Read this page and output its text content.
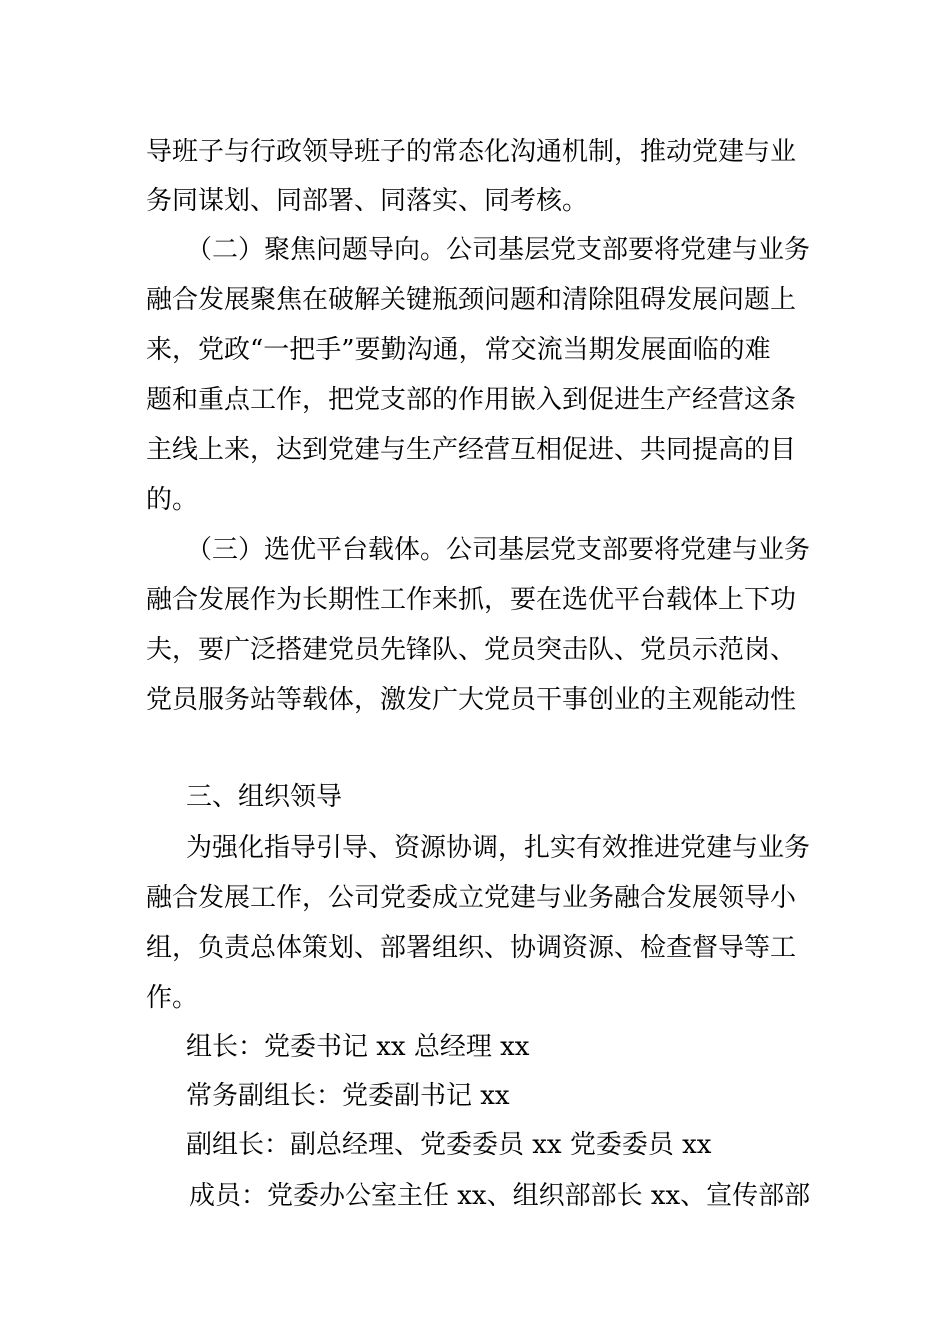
导班子与行政领导班子的常态化沟通机制，推动党建与业
务同谋划、同部署、同落实、同考核。
（二）聚焦问题导向。公司基层党支部要将党建与业务
融合发展聚焦在破解关键瓶颈问题和清除阻碍发展问题上
来，党政“一把手”要勤沟通，常交流当期发展面临的难
题和重点工作，把党支部的作用嵌入到促进生产经营这条
主线上来，达到党建与生产经营互相促进、共同提高的目
的。
（三）选优平台载体。公司基层党支部要将党建与业务
融合发展作为长期性工作来抓，要在选优平台载体上下功
夫，要广泛搭建党员先锋队、党员突击队、党员示范岗、
党员服务站等载体，激发广大党员干事创业的主观能动性
三、组织领导
为强化指导引导、资源协调，扎实有效推进党建与业务
融合发展工作，公司党委成立党建与业务融合发展领导小
组，负责总体策划、部署组织、协调资源、检查督导等工
作。
组长：党委书记 xx 总经理 xx
常务副组长：党委副书记 xx
副组长：副总经理、党委委员 xx 党委委员 xx
成员：党委办公室主任 xx、组织部部长 xx、宣传部部
